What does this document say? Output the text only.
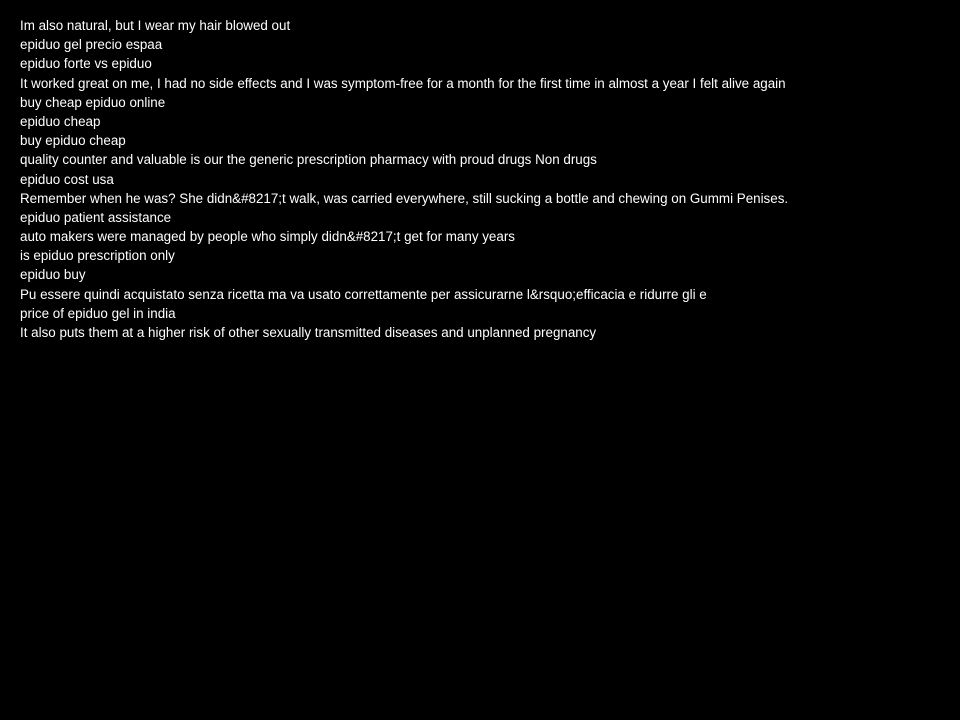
Im also natural, but I wear my hair blowed out
epiduo gel precio espaa
epiduo forte vs epiduo
It worked great on me, I had no side effects and I was symptom-free for a month for the first time in almost a year I felt alive again
buy cheap epiduo online
epiduo cheap
buy epiduo cheap
quality counter and valuable is our the generic prescription pharmacy with proud drugs Non drugs
epiduo cost usa
Remember when he was? She didn&#8217;t walk, was carried everywhere, still sucking a bottle and chewing on Gummi Penises.
epiduo patient assistance
auto makers were managed by people who simply didn&#8217;t get for many years
is epiduo prescription only
epiduo buy
Pu essere quindi acquistato senza ricetta ma va usato correttamente per assicurarne l&rsquo;efficacia e ridurre gli e
price of epiduo gel in india
It also puts them at a higher risk of other sexually transmitted diseases and unplanned pregnancy
